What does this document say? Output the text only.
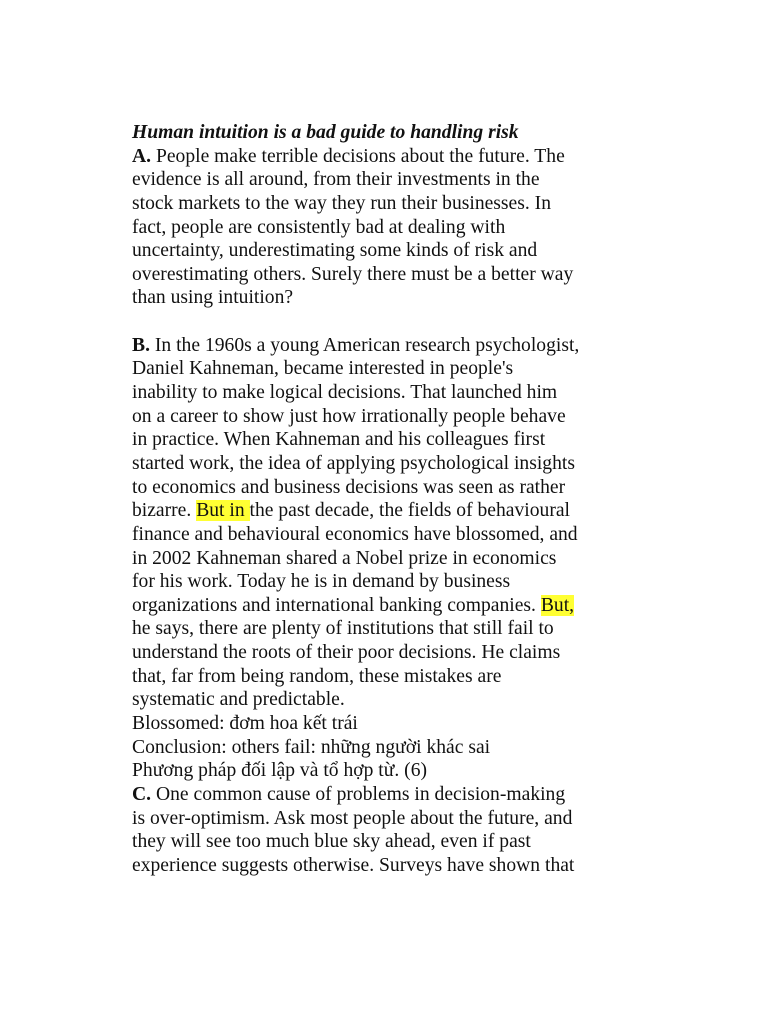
Human intuition is a bad guide to handling risk
A. People make terrible decisions about the future. The
evidence is all around, from their investments in the
stock markets to the way they run their businesses. In
fact, people are consistently bad at dealing with
uncertainty, underestimating some kinds of risk and
overestimating others. Surely there must be a better way
than using intuition?
B. In the 1960s a young American research psychologist,
Daniel Kahneman, became interested in people's
inability to make logical decisions. That launched him
on a career to show just how irrationally people behave
in practice. When Kahneman and his colleagues first
started work, the idea of applying psychological insights
to economics and business decisions was seen as rather
bizarre. But in the past decade, the fields of behavioural
finance and behavioural economics have blossomed, and
in 2002 Kahneman shared a Nobel prize in economics
for his work. Today he is in demand by business
organizations and international banking companies. But,
he says, there are plenty of institutions that still fail to
understand the roots of their poor decisions. He claims
that, far from being random, these mistakes are
systematic and predictable.
Blossomed: đơm hoa kết trái
Conclusion: others fail: những người khác sai
Phương pháp đối lập và tổ hợp từ. (6)
C. One common cause of problems in decision-making
is over-optimism. Ask most people about the future, and
they will see too much blue sky ahead, even if past
experience suggests otherwise. Surveys have shown that
